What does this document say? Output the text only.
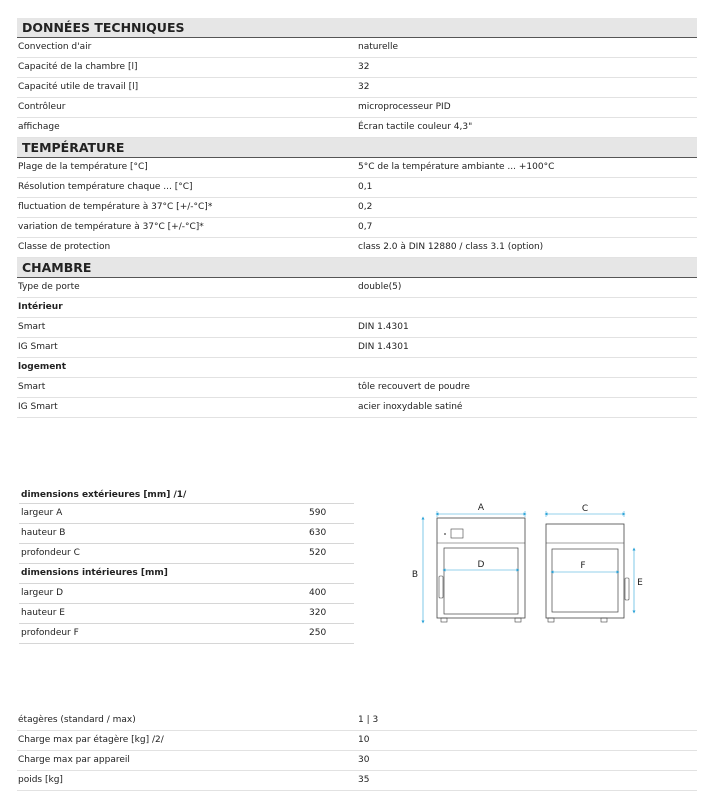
DONNÉES TECHNIQUES
Convection d'air	naturelle
Capacité de la chambre [l]	32
Capacité utile de travail [l]	32
Contrôleur	microprocesseur PID
affichage	Écran tactile couleur 4,3"
TEMPÉRATURE
Plage de la température [°C]	5°C de la température ambiante ... +100°C
Résolution température chaque ... [°C]	0,1
fluctuation de température à 37°C [+/-°C]*	0,2
variation de température à 37°C [+/-°C]*	0,7
Classe de protection	class 2.0 à DIN 12880 / class 3.1 (option)
CHAMBRE
Type de porte	double(5)
Intérieur
Smart	DIN 1.4301
IG Smart	DIN 1.4301
logement
Smart	tôle recouvert de poudre
IG Smart	acier inoxydable satiné
dimensions extérieures [mm] /1/
largeur A	590
hauteur B	630
profondeur C	520
dimensions intérieures [mm]
largeur D	400
hauteur E	320
profondeur F	250
A
B
D
C
F
E
étagères (standard / max)	1 | 3
Charge max par étagère [kg] /2/	10
Charge max par appareil	30
poids [kg]	35
